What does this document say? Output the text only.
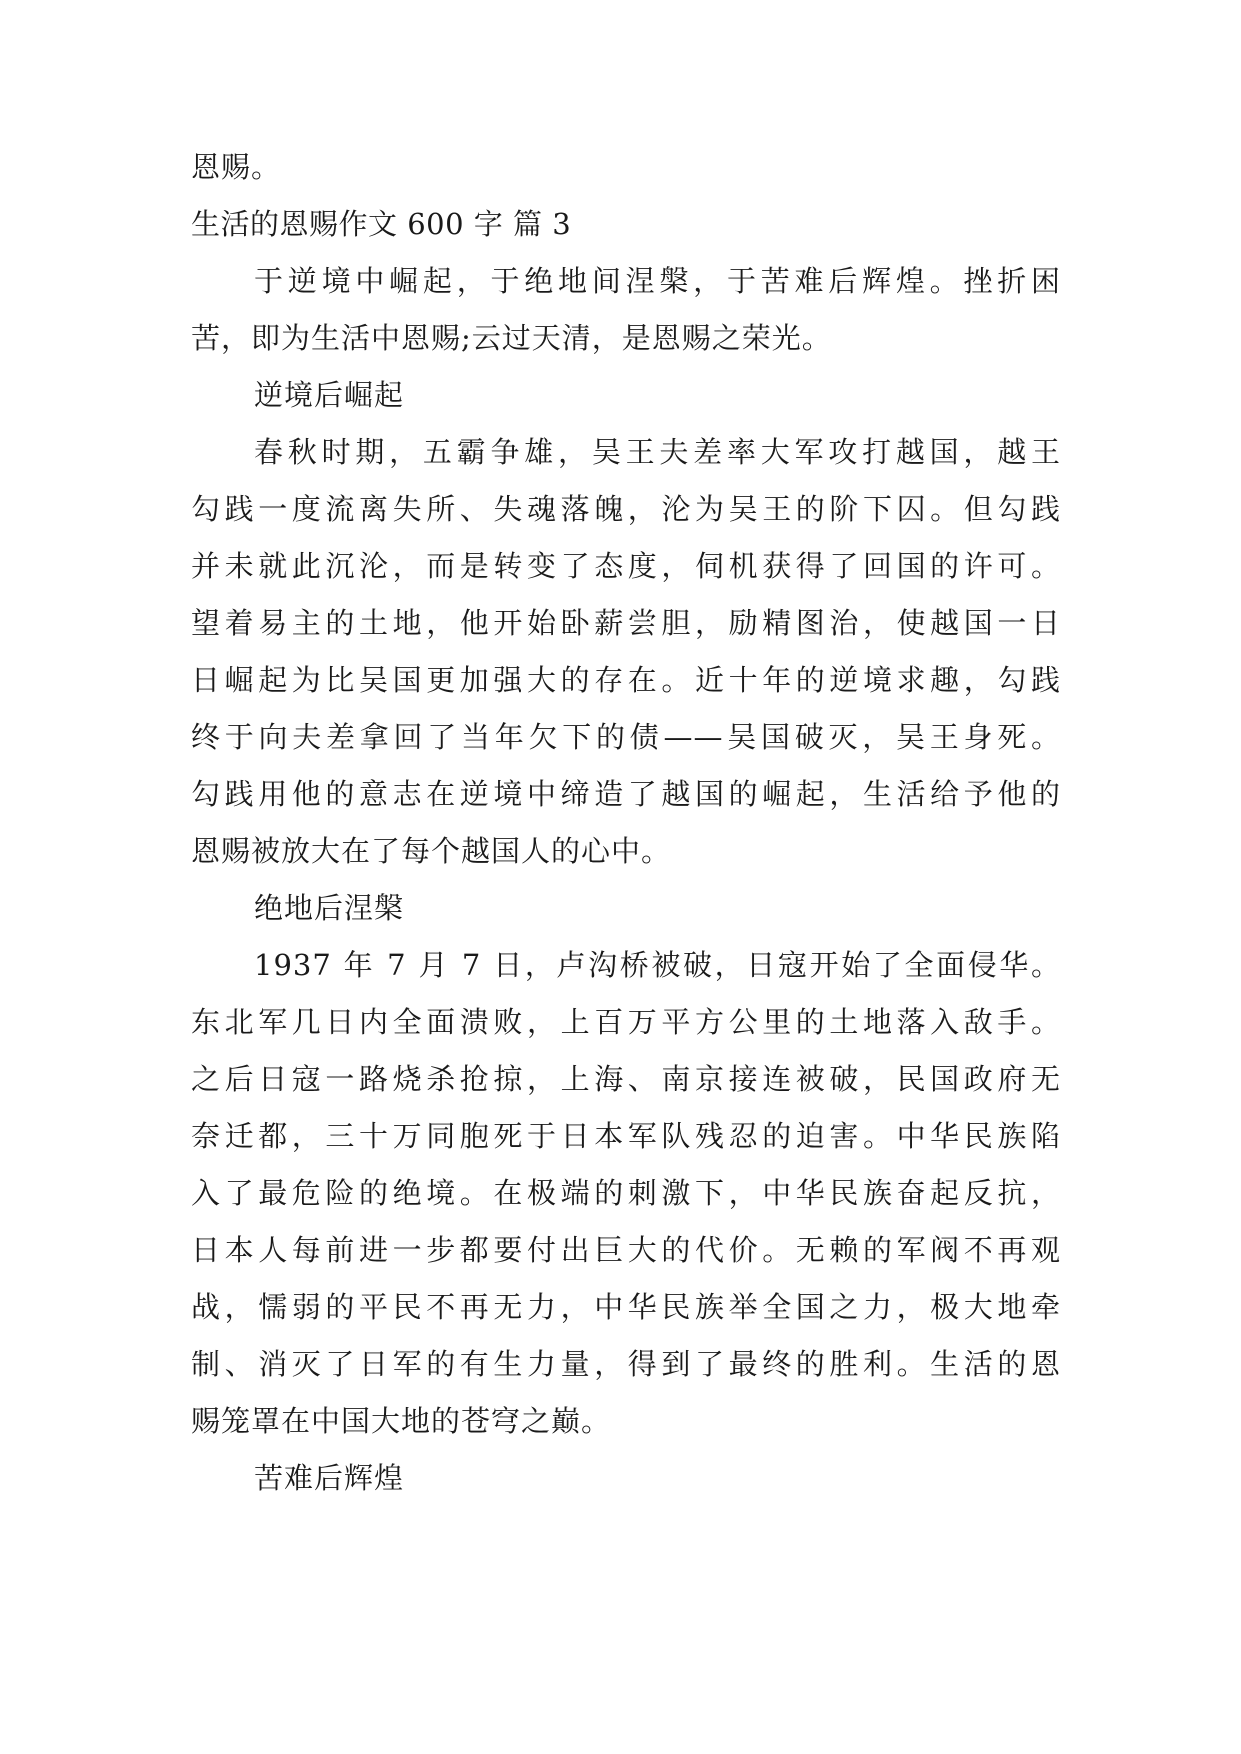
恩赐。
生活的恩赐作文 600 字 篇 3
于逆境中崛起，于绝地间涅槃，于苦难后辉煌。挫折困
苦，即为生活中恩赐;云过天清，是恩赐之荣光。
逆境后崛起
春秋时期，五霸争雄，吴王夫差率大军攻打越国，越王
勾践一度流离失所、失魂落魄，沦为吴王的阶下囚。但勾践
并未就此沉沦，而是转变了态度，伺机获得了回国的许可。
望着易主的土地，他开始卧薪尝胆，励精图治，使越国一日
日崛起为比吴国更加强大的存在。近十年的逆境求趣，勾践
终于向夫差拿回了当年欠下的债——吴国破灭，吴王身死。
勾践用他的意志在逆境中缔造了越国的崛起，生活给予他的
恩赐被放大在了每个越国人的心中。
绝地后涅槃
1937 年 7 月 7 日，卢沟桥被破，日寇开始了全面侵华。
东北军几日内全面溃败，上百万平方公里的土地落入敌手。
之后日寇一路烧杀抢掠，上海、南京接连被破，民国政府无
奈迁都，三十万同胞死于日本军队残忍的迫害。中华民族陷
入了最危险的绝境。在极端的刺激下，中华民族奋起反抗，
日本人每前进一步都要付出巨大的代价。无赖的军阀不再观
战，懦弱的平民不再无力，中华民族举全国之力，极大地牵
制、消灭了日军的有生力量，得到了最终的胜利。生活的恩
赐笼罩在中国大地的苍穹之巅。
苦难后辉煌
